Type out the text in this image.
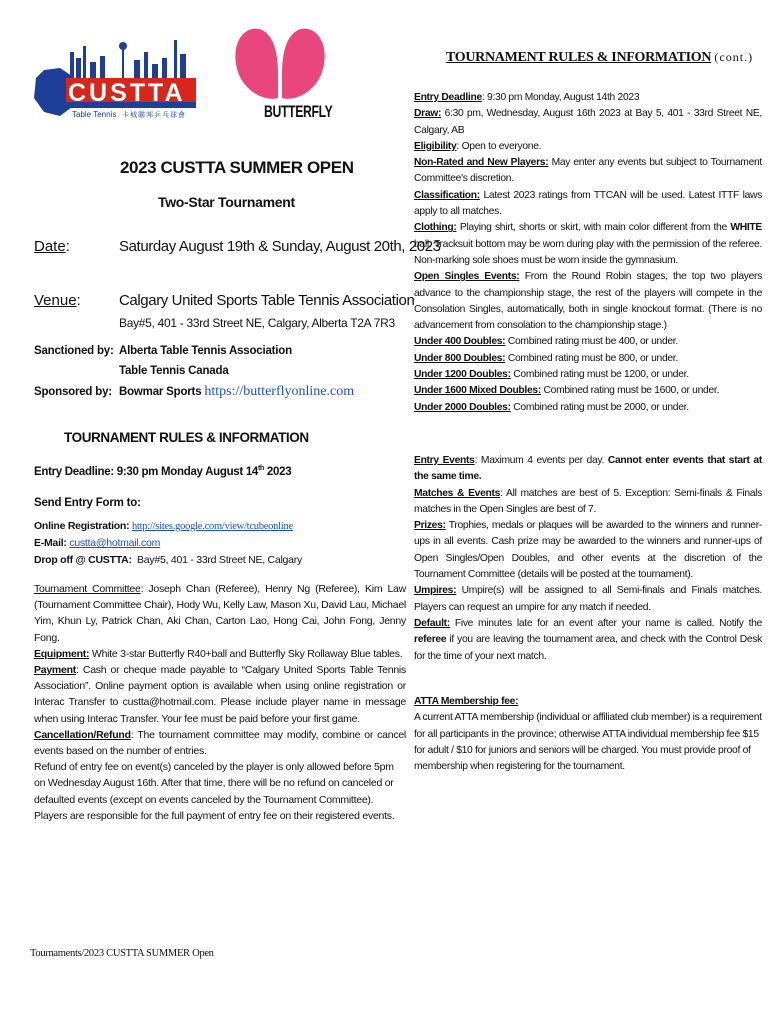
CUSTTA
Table Tennis 卡城聯邦乒乓球會	BUTTERFLY
TOURNAMENT RULES & INFORMATION (cont.)
2023 CUSTTA SUMMER OPEN
Two-Star Tournament
Date:	Saturday August 19th & Sunday, August 20th, 2023
Venue:	Calgary United Sports Table Tennis Association
Bay#5, 401 - 33rd Street NE, Calgary, Alberta T2A 7R3
Sanctioned by: Alberta Table Tennis Association
Table Tennis Canada
Sponsored by: Bowmar Sports https://butterflyonline.com
TOURNAMENT RULES & INFORMATION
Entry Deadline: 9:30 pm Monday August 14th 2023
Send Entry Form to:

Online Registration: http://sites.google.com/view/tcubeonline

E-Mail: custta@hotmail.com

Drop off @ CUSTTA: Bay#5, 401 - 33rd Street NE, Calgary

Tournament Committee: Joseph Chan (Referee), Henry Ng (Referee), Kim Law (Tournament Committee Chair), Hody Wu, Kelly Law, Mason Xu, David Lau, Michael Yim, Khun Ly, Patrick Chan, Aki Chan, Carton Lao, Hong Cai, John Fong, Jenny Fong.

Equipment: White 3-star Butterfly R40+ball and Butterfly Sky Rollaway Blue tables.

Payment: Cash or cheque made payable to “Calgary United Sports Table Tennis Association”. Online payment option is available when using online registration or Interac Transfer to custta@hotmail.com. Please include player name in message when using Interac Transfer. Your fee must be paid before your first game.

Cancellation/Refund: The tournament committee may modify, combine or cancel events based on the number of entries.

Refund of entry fee on event(s) canceled by the player is only allowed before 5pm on Wednesday August 16th. After that time, there will be no refund on canceled or defaulted events (except on events canceled by the Tournament Committee). Players are responsible for the full payment of entry fee on their registered events.

Entry Deadline: 9:30 pm Monday, August 14th 2023

Draw: 6:30 pm, Wednesday, August 16th 2023 at Bay 5, 401 - 33rd Street NE, Calgary, AB

Eligibility: Open to everyone.

Non-Rated and New Players: May enter any events but subject to Tournament Committee's discretion.

Classification: Latest 2023 ratings from TTCAN will be used. Latest ITTF laws apply to all matches.

Clothing: Playing shirt, shorts or skirt, with main color different from the WHITE ball. Tracksuit bottom may be worn during play with the permission of the referee. Non-marking sole shoes must be worn inside the gymnasium.

Open Singles Events: From the Round Robin stages, the top two players advance to the championship stage, the rest of the players will compete in the Consolation Singles, automatically, both in single knockout format. (There is no advancement from consolation to the championship stage.)

Under 400 Doubles: Combined rating must be 400, or under.

Under 800 Doubles: Combined rating must be 800, or under.

Under 1200 Doubles: Combined rating must be 1200, or under.

Under 1600 Mixed Doubles: Combined rating must be 1600, or under.

Under 2000 Doubles: Combined rating must be 2000, or under.

Entry Events: Maximum 4 events per day. Cannot enter events that start at the same time.

Matches & Events: All matches are best of 5. Exception: Semi-finals & Finals matches in the Open Singles are best of 7.

Prizes: Trophies, medals or plaques will be awarded to the winners and runner-ups in all events. Cash prize may be awarded to the winners and runner-ups of Open Singles/Open Doubles, and other events at the discretion of the Tournament Committee (details will be posted at the tournament).

Umpires: Umpire(s) will be assigned to all Semi-finals and Finals matches. Players can request an umpire for any match if needed.

Default: Five minutes late for an event after your name is called. Notify the referee if you are leaving the tournament area, and check with the Control Desk for the time of your next match.

ATTA Membership fee:

A current ATTA membership (individual or affiliated club member) is a requirement for all participants in the province; otherwise ATTA individual membership fee $15 for adult / $10 for juniors and seniors will be charged. You must provide proof of membership when registering for the tournament.

Tournaments/2023 CUSTTA SUMMER Open
